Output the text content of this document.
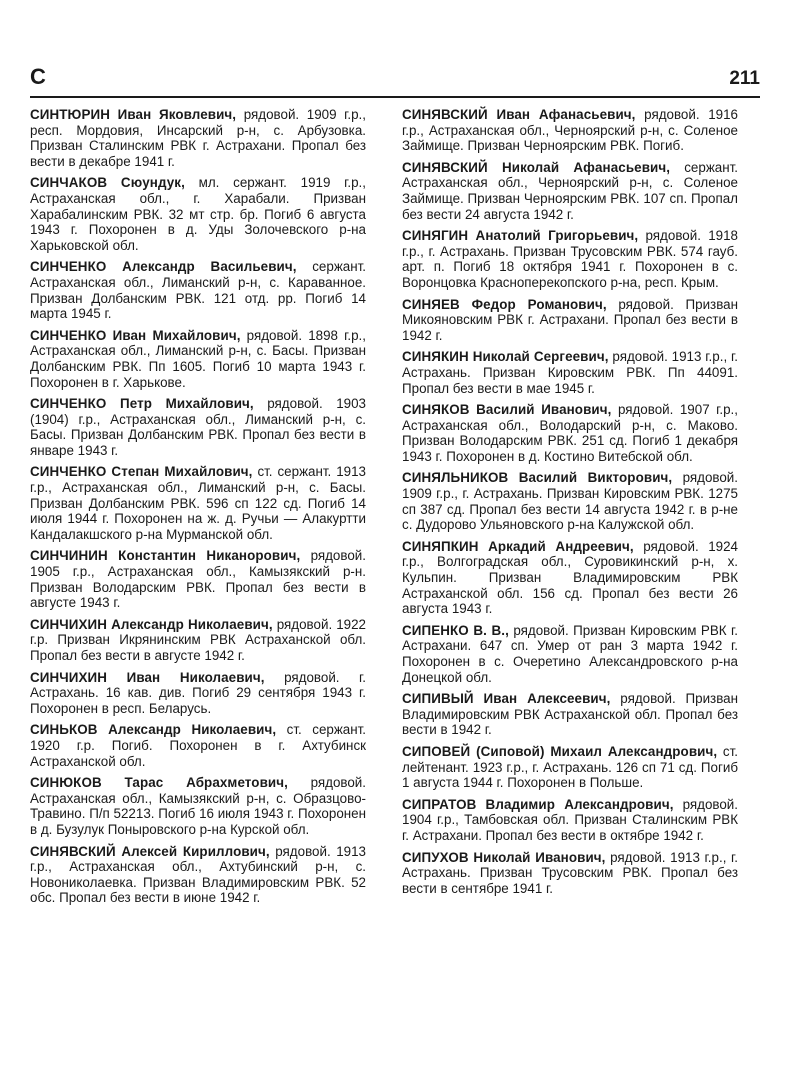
С	211

СИНТЮРИН Иван Яковлевич, рядовой. 1909 г.р., респ. Мордовия, Инсарский р-н, с. Арбузовка. Призван Сталинским РВК г. Астрахани. Пропал без вести в декабре 1941 г.

СИНЧАКОВ Сюундук, мл. сержант. 1919 г.р., Астраханская обл., г. Харабали. Призван Харабалинским РВК. 32 мт стр. бр. Погиб 6 августа 1943 г. Похоронен в д. Уды Золочевского р-на Харьковской обл.

СИНЧЕНКО Александр Васильевич, сержант. Астраханская обл., Лиманский р-н, с. Караванное. Призван Долбанским РВК. 121 отд. рр. Погиб 14 марта 1945 г.

СИНЧЕНКО Иван Михайлович, рядовой. 1898 г.р., Астраханская обл., Лиманский р-н, с. Басы. Призван Долбанским РВК. Пп 1605. Погиб 10 марта 1943 г. Похоронен в г. Харькове.

СИНЧЕНКО Петр Михайлович, рядовой. 1903 (1904) г.р., Астраханская обл., Лиманский р-н, с. Басы. Призван Долбанским РВК. Пропал без вести в январе 1943 г.

СИНЧЕНКО Степан Михайлович, ст. сержант. 1913 г.р., Астраханская обл., Лиманский р-н, с. Басы. Призван Долбанским РВК. 596 сп 122 сд. Погиб 14 июля 1944 г. Похоронен на ж. д. Ручьи — Алакуртти Кандалакшского р-на Мурманской обл.

СИНЧИНИН Константин Никанорович, рядовой. 1905 г.р., Астраханская обл., Камызякский р-н. Призван Володарским РВК. Пропал без вести в августе 1943 г.

СИНЧИХИН Александр Николаевич, рядовой. 1922 г.р. Призван Икрянинским РВК Астраханской обл. Пропал без вести в августе 1942 г.

СИНЧИХИН Иван Николаевич, рядовой. г. Астрахань. 16 кав. див. Погиб 29 сентября 1943 г. Похоронен в респ. Беларусь.

СИНЬКОВ Александр Николаевич, ст. сержант. 1920 г.р. Погиб. Похоронен в г. Ахтубинск Астраханской обл.

СИНЮКОВ Тарас Абрахметович, рядовой. Астраханская обл., Камызякский р-н, с. Образцово-Травино. П/п 52213. Погиб 16 июля 1943 г. Похоронен в д. Бузулук Поныровского р-на Курской обл.

СИНЯВСКИЙ Алексей Кириллович, рядовой. 1913 г.р., Астраханская обл., Ахтубинский р-н, с. Новониколаевка. Призван Владимировским РВК. 52 обс. Пропал без вести в июне 1942 г.

СИНЯВСКИЙ Иван Афанасьевич, рядовой. 1916 г.р., Астраханская обл., Черноярский р-н, с. Соленое Займище. Призван Черноярским РВК. Погиб.

СИНЯВСКИЙ Николай Афанасьевич, сержант. Астраханская обл., Черноярский р-н, с. Соленое Займище. Призван Черноярским РВК. 107 сп. Пропал без вести 24 августа 1942 г.

СИНЯГИН Анатолий Григорьевич, рядовой. 1918 г.р., г. Астрахань. Призван Трусовским РВК. 574 гауб. арт. п. Погиб 18 октября 1941 г. Похоронен в с. Воронцовка Красноперекопского р-на, респ. Крым.

СИНЯЕВ Федор Романович, рядовой. Призван Микояновским РВК г. Астрахани. Пропал без вести в 1942 г.

СИНЯКИН Николай Сергеевич, рядовой. 1913 г.р., г. Астрахань. Призван Кировским РВК. Пп 44091. Пропал без вести в мае 1945 г.

СИНЯКОВ Василий Иванович, рядовой. 1907 г.р., Астраханская обл., Володарский р-н, с. Маково. Призван Володарским РВК. 251 сд. Погиб 1 декабря 1943 г. Похоронен в д. Костино Витебской обл.

СИНЯЛЬНИКОВ Василий Викторович, рядовой. 1909 г.р., г. Астрахань. Призван Кировским РВК. 1275 сп 387 сд. Пропал без вести 14 августа 1942 г. в р-не с. Дудорово Ульяновского р-на Калужской обл.

СИНЯПКИН Аркадий Андреевич, рядовой. 1924 г.р., Волгоградская обл., Суровикинский р-н, х. Кульпин. Призван Владимировским РВК Астраханской обл. 156 сд. Пропал без вести 26 августа 1943 г.

СИПЕНКО В. В., рядовой. Призван Кировским РВК г. Астрахани. 647 сп. Умер от ран 3 марта 1942 г. Похоронен в с. Очеретино Александровского р-на Донецкой обл.

СИПИВЫЙ Иван Алексеевич, рядовой. Призван Владимировским РВК Астраханской обл. Пропал без вести в 1942 г.

СИПОВЕЙ (Сиповой) Михаил Александрович, ст. лейтенант. 1923 г.р., г. Астрахань. 126 сп 71 сд. Погиб 1 августа 1944 г. Похоронен в Польше.

СИПРАТОВ Владимир Александрович, рядовой. 1904 г.р., Тамбовская обл. Призван Сталинским РВК г. Астрахани. Пропал без вести в октябре 1942 г.

СИПУХОВ Николай Иванович, рядовой. 1913 г.р., г. Астрахань. Призван Трусовским РВК. Пропал без вести в сентябре 1941 г.
